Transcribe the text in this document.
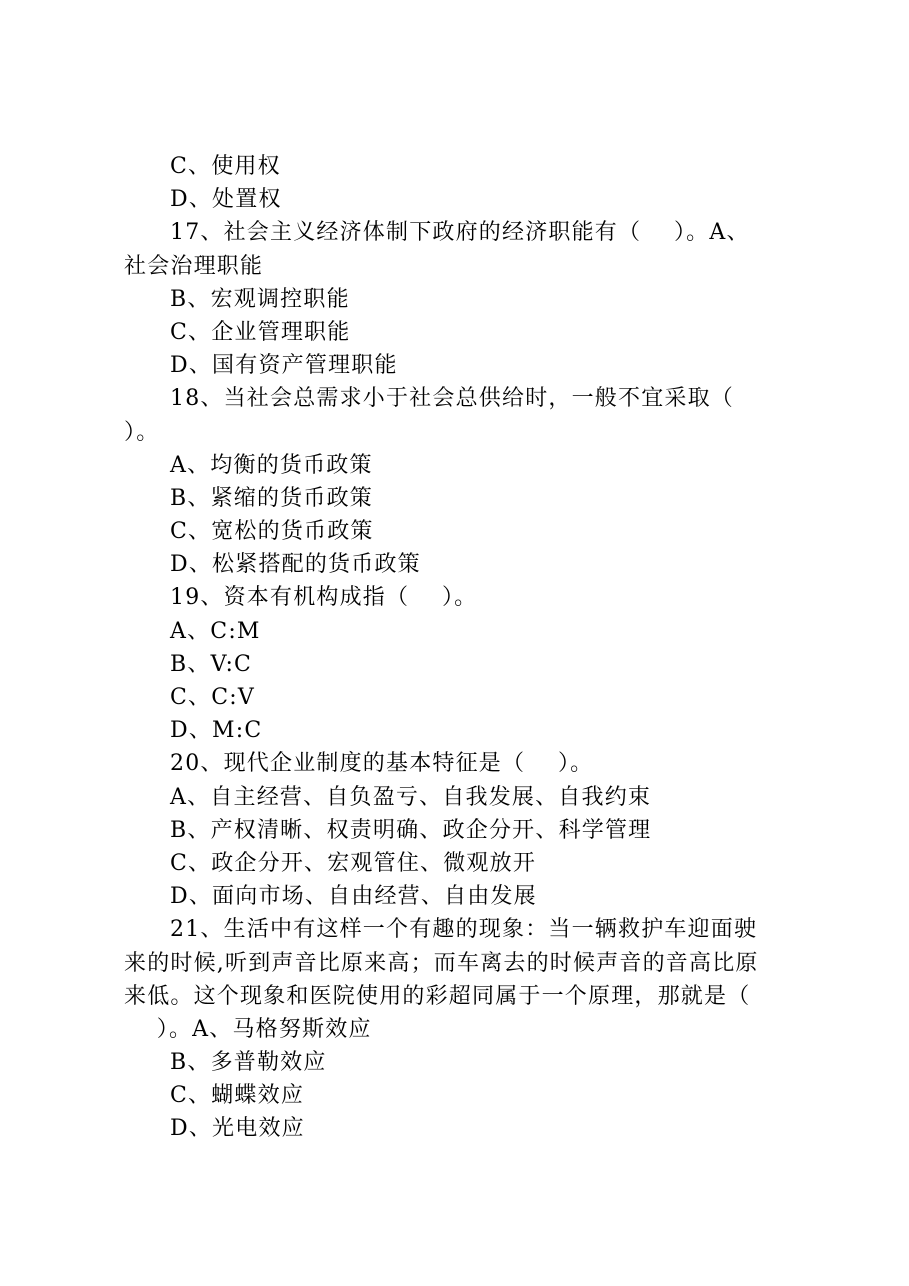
C、使用权

D、处置权

17、社会主义经济体制下政府的经济职能有（    ）。A、

社会治理职能

B、宏观调控职能

C、企业管理职能

D、国有资产管理职能

18、当社会总需求小于社会总供给时，一般不宜采取（

）。

A、均衡的货币政策

B、紧缩的货币政策

C、宽松的货币政策

D、松紧搭配的货币政策

19、资本有机构成指（    ）。

A、C:M

B、V:C

C、C:V

D、M:C

20、现代企业制度的基本特征是（    ）。

A、自主经营、自负盈亏、自我发展、自我约束

B、产权清晰、权责明确、政企分开、科学管理

C、政企分开、宏观管住、微观放开

D、面向市场、自由经营、自由发展

21、生活中有这样一个有趣的现象：当一辆救护车迎面驶

来的时候,听到声音比原来高；而车离去的时候声音的音高比原

来低。这个现象和医院使用的彩超同属于一个原理，那就是（

）。A、马格努斯效应

B、多普勒效应

C、蝴蝶效应

D、光电效应
